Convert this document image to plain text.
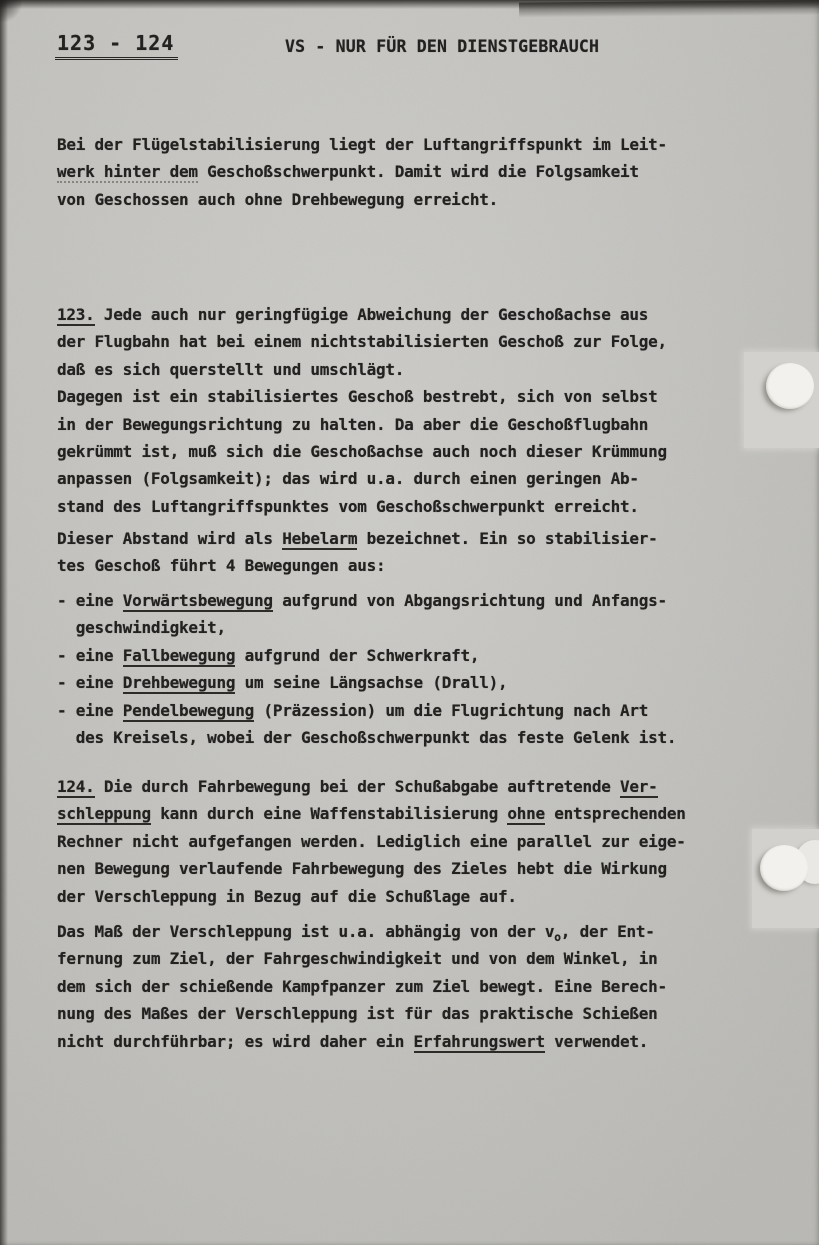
123 - 124	VS - NUR FÜR DEN DIENSTGEBRAUCH
Bei der Flügelstabilisierung liegt der Luftangriffspunkt im Leit-
werk hinter dem Geschoßschwerpunkt. Damit wird die Folgsamkeit
von Geschossen auch ohne Drehbewegung erreicht.
123. Jede auch nur geringfügige Abweichung der Geschoßachse aus
der Flugbahn hat bei einem nichtstabilisierten Geschoß zur Folge,
daß es sich querstellt und umschlägt.
Dagegen ist ein stabilisiertes Geschoß bestrebt, sich von selbst
in der Bewegungsrichtung zu halten. Da aber die Geschoßflugbahn
gekrümmt ist, muß sich die Geschoßachse auch noch dieser Krümmung
anpassen (Folgsamkeit); das wird u.a. durch einen geringen Ab-
stand des Luftangriffspunktes vom Geschoßschwerpunkt erreicht.
Dieser Abstand wird als Hebelarm bezeichnet. Ein so stabilisier-
tes Geschoß führt 4 Bewegungen aus:
- eine Vorwärtsbewegung aufgrund von Abgangsrichtung und Anfangs-
geschwindigkeit,
- eine Fallbewegung aufgrund der Schwerkraft,
- eine Drehbewegung um seine Längsachse (Drall),
- eine Pendelbewegung (Präzession) um die Flugrichtung nach Art
des Kreisels, wobei der Geschoßschwerpunkt das feste Gelenk ist.
124. Die durch Fahrbewegung bei der Schußabgabe auftretende Ver-
schleppung kann durch eine Waffenstabilisierung ohne entsprechenden
Rechner nicht aufgefangen werden. Lediglich eine parallel zur eige-
nen Bewegung verlaufende Fahrbewegung des Zieles hebt die Wirkung
der Verschleppung in Bezug auf die Schußlage auf.
Das Maß der Verschleppung ist u.a. abhängig von der $v_o$, der Ent-
fernung zum Ziel, der Fahrgeschwindigkeit und von dem Winkel, in
dem sich der schießende Kampfpanzer zum Ziel bewegt. Eine Berech-
nung des Maßes der Verschleppung ist für das praktische Schießen
nicht durchführbar; es wird daher ein Erfahrungswert verwendet.
